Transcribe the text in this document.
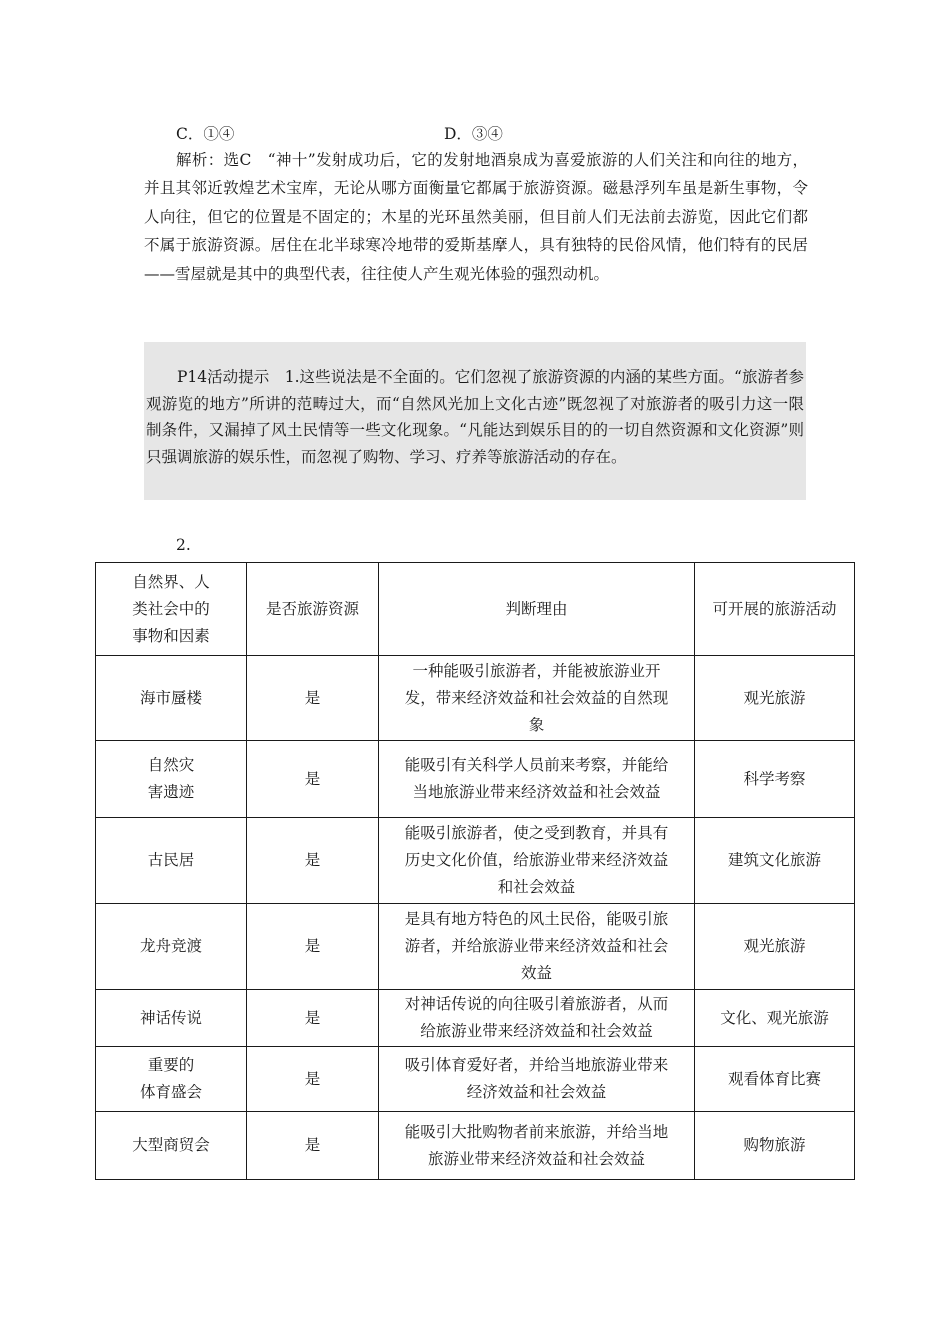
C．①④	D．③④

解析：选C　“神十”发射成功后，它的发射地酒泉成为喜爱旅游的人们关注和向往的地方，并且其邻近敦煌艺术宝库，无论从哪方面衡量它都属于旅游资源。磁悬浮列车虽是新生事物，令人向往，但它的位置是不固定的；木星的光环虽然美丽，但目前人们无法前去游览，因此它们都不属于旅游资源。居住在北半球寒冷地带的爱斯基摩人，具有独特的民俗风情，他们特有的民居——雪屋就是其中的典型代表，往往使人产生观光体验的强烈动机。

P14活动提示　1.这些说法是不全面的。它们忽视了旅游资源的内涵的某些方面。“旅游者参观游览的地方”所讲的范畴过大，而“自然风光加上文化古迹”既忽视了对旅游者的吸引力这一限制条件，又漏掉了风土民情等一些文化现象。“凡能达到娱乐目的的一切自然资源和文化资源”则只强调旅游的娱乐性，而忽视了购物、学习、疗养等旅游活动的存在。

2.
自然界、人
类社会中的
事物和因素	是否旅游资源	判断理由	可开展的旅游活动
海市蜃楼	是	一种能吸引旅游者，并能被旅游业开
发，带来经济效益和社会效益的自然现
象	观光旅游
自然灾
害遗迹	是	能吸引有关科学人员前来考察，并能给
当地旅游业带来经济效益和社会效益	科学考察
古民居	是	能吸引旅游者，使之受到教育，并具有
历史文化价值，给旅游业带来经济效益
和社会效益	建筑文化旅游
龙舟竞渡	是	是具有地方特色的风土民俗，能吸引旅
游者，并给旅游业带来经济效益和社会
效益	观光旅游
神话传说	是	对神话传说的向往吸引着旅游者，从而
给旅游业带来经济效益和社会效益	文化、观光旅游
重要的
体育盛会	是	吸引体育爱好者，并给当地旅游业带来
经济效益和社会效益	观看体育比赛
大型商贸会	是	能吸引大批购物者前来旅游，并给当地
旅游业带来经济效益和社会效益	购物旅游
